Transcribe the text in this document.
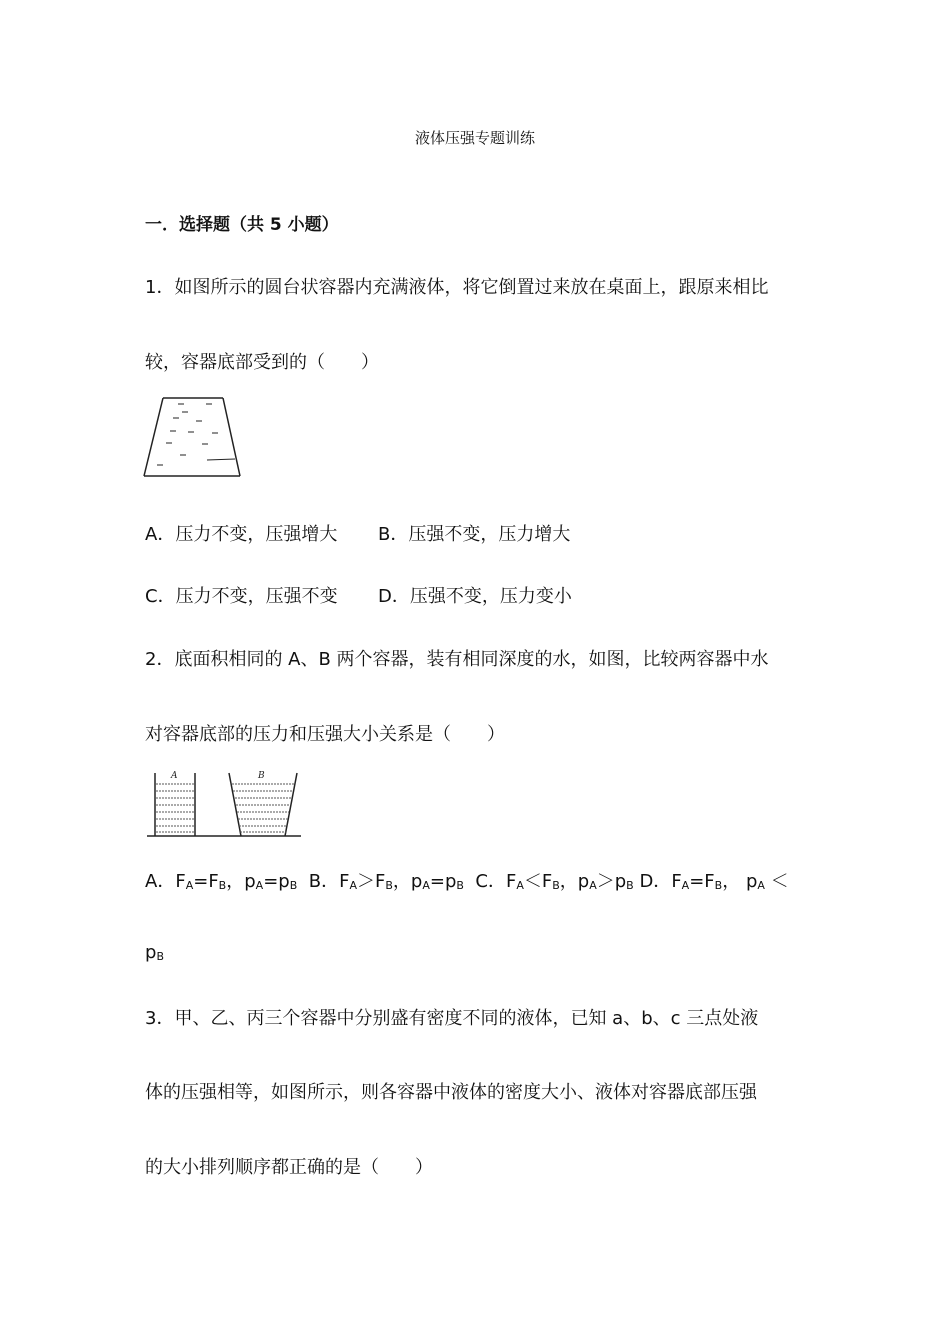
液体压强专题训练
一．选择题（共 5 小题）
1．如图所示的圆台状容器内充满液体，将它倒置过来放在桌面上，跟原来相比
较，容器底部受到的（　　）
A．压力不变，压强增大 B．压强不变，压力增大
C．压力不变，压强不变 D．压强不变，压力变小
2．底面积相同的 A、B 两个容器，装有相同深度的水，如图，比较两容器中水
对容器底部的压力和压强大小关系是（　　）
A	B
A．$F_A=F_B$，$p_A=p_B$ B．$F_A>F_B$，$p_A=p_B$ C．$F_A<F_B$，$p_A>p_B$ D．$F_A=F_B$， $p_A$ ＜
$p_B$
3．甲、乙、丙三个容器中分别盛有密度不同的液体，已知 a、b、c 三点处液
体的压强相等，如图所示，则各容器中液体的密度大小、液体对容器底部压强
的大小排列顺序都正确的是（　　）
